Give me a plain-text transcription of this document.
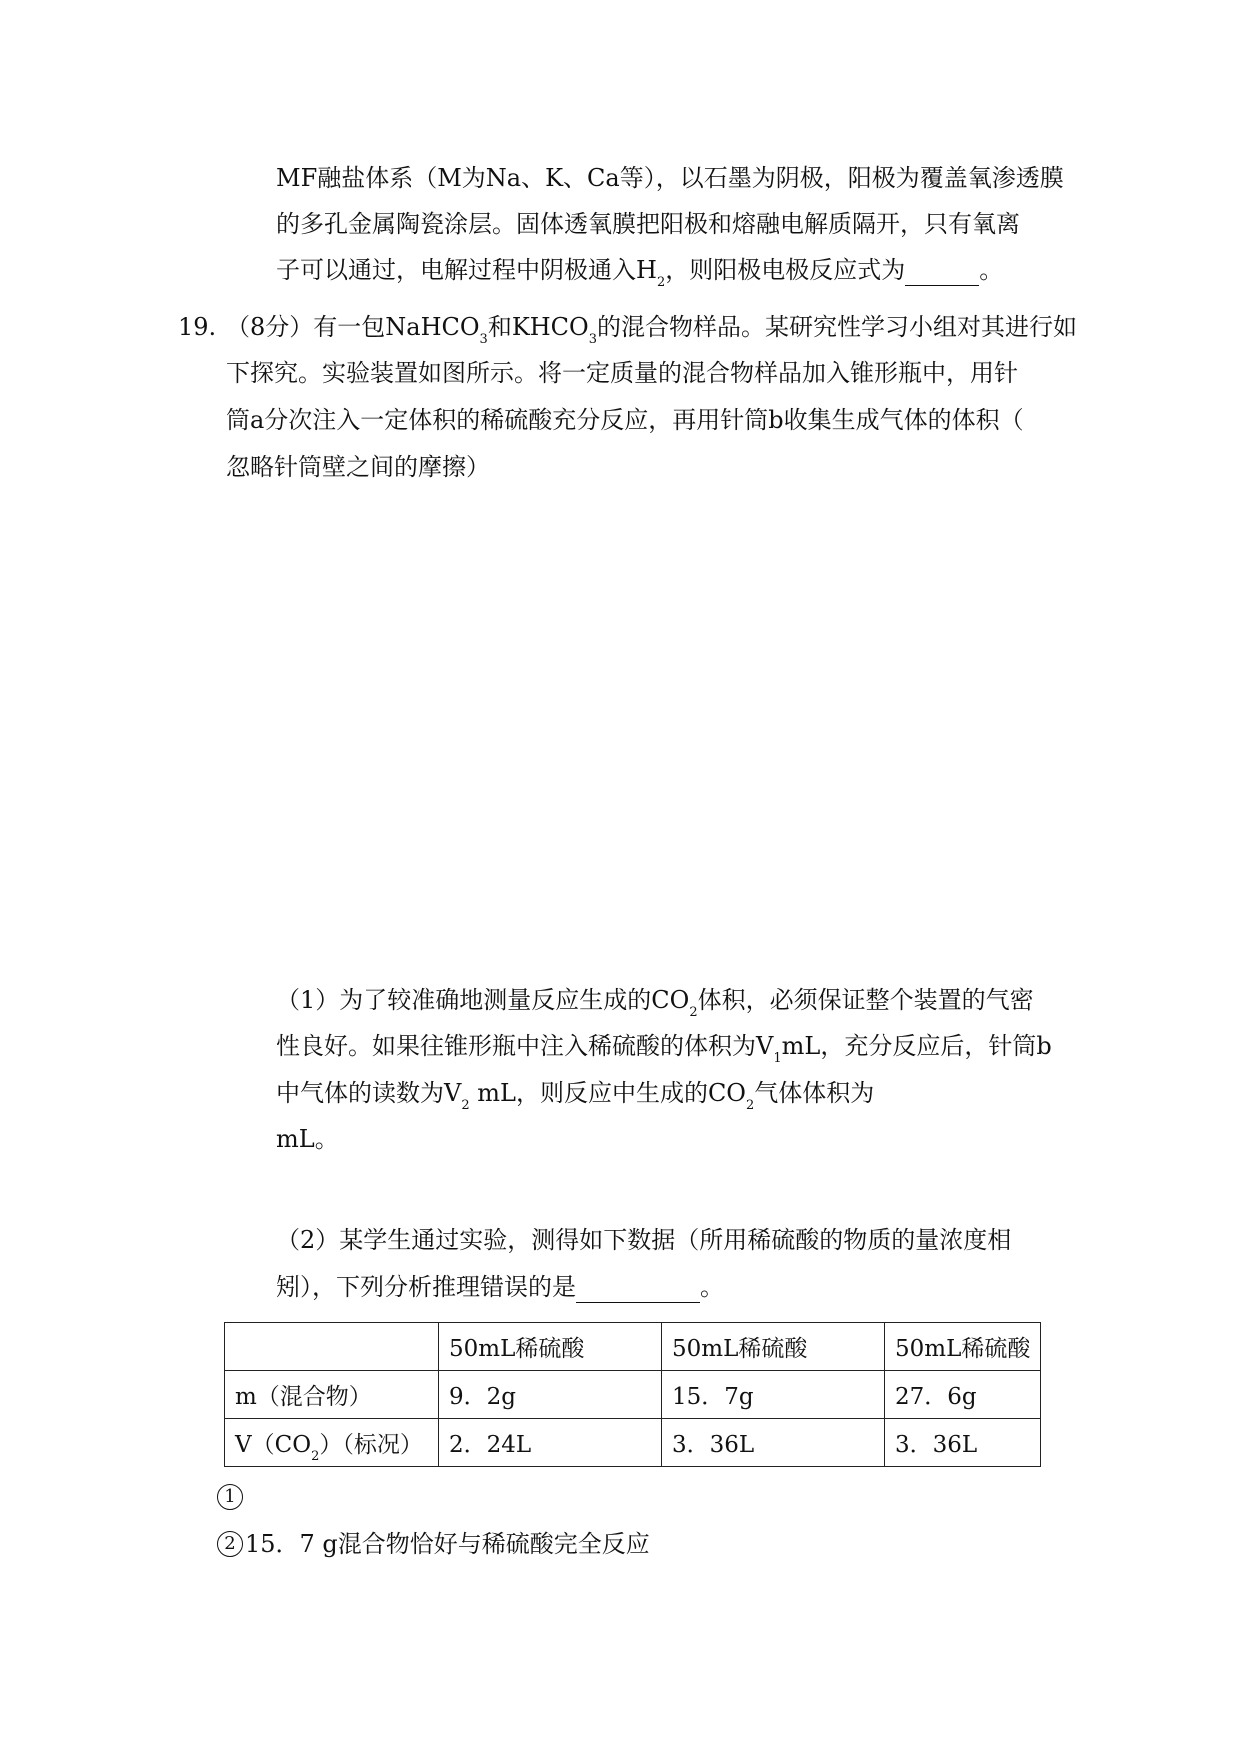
MF融盐体系（M为Na、K、Ca等），以石墨为阴极，阳极为覆盖氧渗透膜
的多孔金属陶瓷涂层。固体透氧膜把阳极和熔融电解质隔开，只有氧离
子可以通过，电解过程中阴极通入$H_2$，则阳极电极反应式为	。
19. （8分）有一包NaHCO$_3$和$KHCO_3$的混合物样品。某研究性学习小组对其进行如
下探究。实验装置如图所示。将一定质量的混合物样品加入锥形瓶中，用针
筒a分次注入一定体积的稀硫酸充分反应，再用针筒b收集生成气体的体积（
忽略针筒壁之间的摩擦）
（1）为了较准确地测量反应生成的$CO_2$体积，必须保证整个装置的气密
性良好。如果往锥形瓶中注入稀硫酸的体积为$V_1mL$，充分反应后，针筒b
中气体的读数为$V_2$ mL，则反应中生成的$CO_2$气体体积为
mL。
（2）某学生通过实验，测得如下数据（所用稀硫酸的物质的量浓度相
矧），下列分析推理错误的是	。
	50mL稀硫酸	50mL稀硫酸	50mL稀硫酸
m（混合物）	9．2g	15．7g	27．6g
$V(CO_2)$（标况）	2．24L	3．36L	3．36L
1
2 15．7 g混合物恰好与稀硫酸完全反应
